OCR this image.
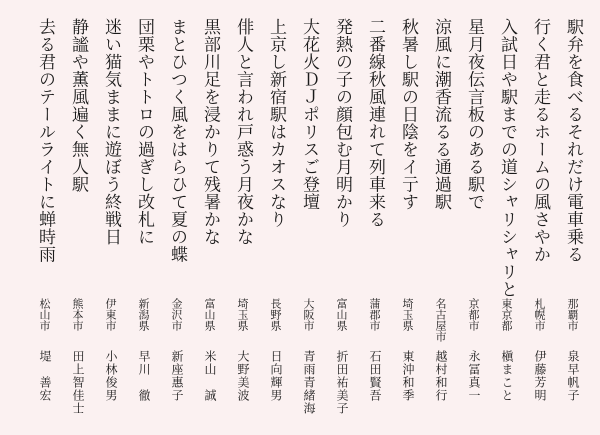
駅弁を食べるそれだけ電車乗る
那覇市
泉早帆子
行く君と走るホームの風さやか
札幌市
伊藤芳明
入試日や駅までの道シャリシャリと
東京都
槇まこと
星月夜伝言板のある駅で
京都市
永冨真一
涼風に潮香流るる通過駅
名古屋市
越村和行
秋暑し駅の日陰をイ亍す
埼玉県
東沖和季
二番線秋風連れて列車来る
蒲郡市
石田賢吾
発熱の子の顔包む月明かり
富山県
折田祐美子
大花火ＤＪポリスご登壇
大阪市
青雨青緒海
上京し新宿駅はカオスなり
長野県
日向輝男
俳人と言われ戸惑う月夜かな
埼玉県
大野美波
黒部川足を浸かりて残暑かな
富山県
米山　誠
まとひつく風をはらひて夏の蝶
金沢市
新座惠子
団栗やトトロの過ぎし改札に
新潟県
早川　徹
迷い猫気ままに遊ぼう終戦日
伊東市
小林俊男
静謐や薫風遍く無人駅
熊本市
田上智佳士
去る君のテールライトに蝉時雨
松山市
堤　善宏
